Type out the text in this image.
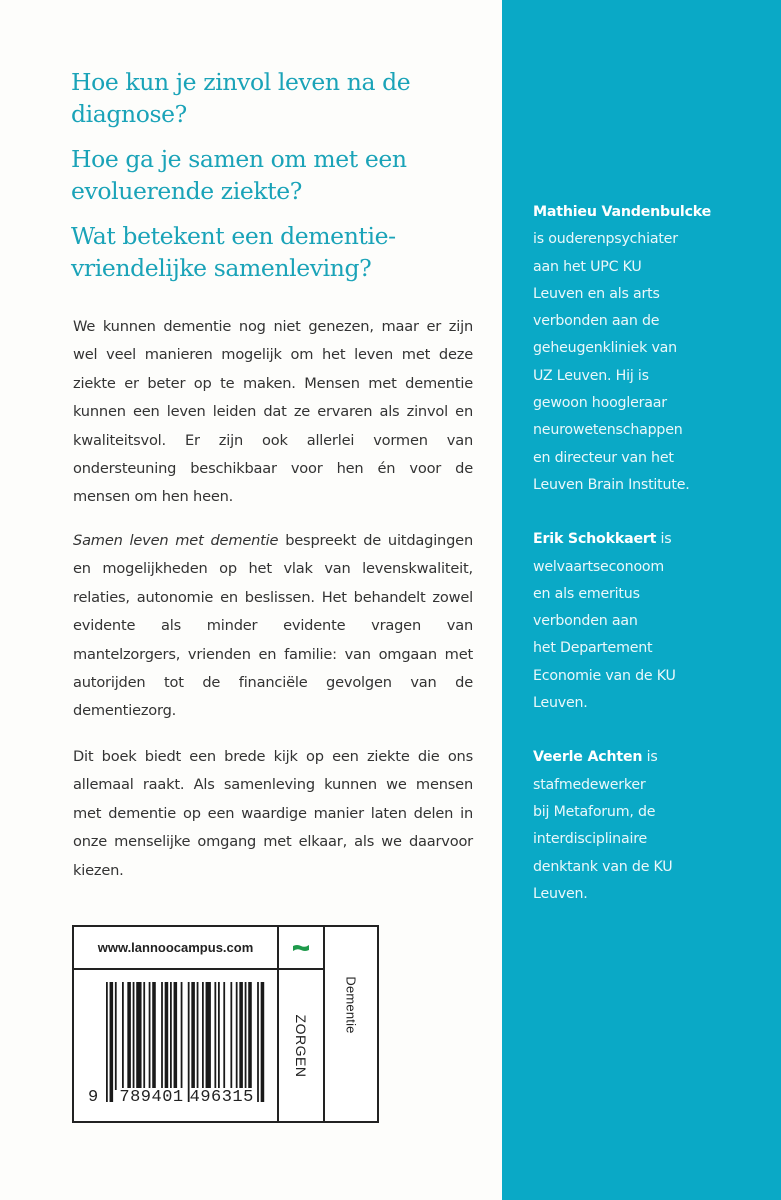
Hoe kun je zinvol leven na de diagnose?

Hoe ga je samen om met een evoluerende ziekte?

Wat betekent een dementie-vriendelijke samenleving?

We kunnen dementie nog niet genezen, maar er zijn wel veel manieren mogelijk om het leven met deze ziekte er beter op te maken. Mensen met dementie kunnen een leven leiden dat ze ervaren als zinvol en kwaliteitsvol. Er zijn ook allerlei vormen van ondersteuning beschikbaar voor hen én voor de mensen om hen heen.

Samen leven met dementie bespreekt de uitdagingen en mogelijkheden op het vlak van levenskwaliteit, relaties, autonomie en beslissen. Het behandelt zowel evidente als minder evidente vragen van mantelzorgers, vrienden en familie: van omgaan met autorijden tot de financiële gevolgen van de dementiezorg.

Dit boek biedt een brede kijk op een ziekte die ons allemaal raakt. Als samenleving kunnen we mensen met dementie op een waardige manier laten delen in onze menselijke omgang met elkaar, als we daarvoor kiezen.

www.lannoocampus.com
9 789401 496315
ZORGEN
Dementie
Mathieu Vandenbulcke
is ouderenpsychiater
aan het UPC KU
Leuven en als arts
verbonden aan de
geheugenkliniek van
UZ Leuven. Hij is
gewoon hoogleraar
neurowetenschappen
en directeur van het
Leuven Brain Institute.
Erik Schokkaert is
welvaartseconoom
en als emeritus
verbonden aan
het Departement
Economie van de KU
Leuven.
Veerle Achten is
stafmedewerker
bij Metaforum, de
interdisciplinaire
denktank van de KU
Leuven.
